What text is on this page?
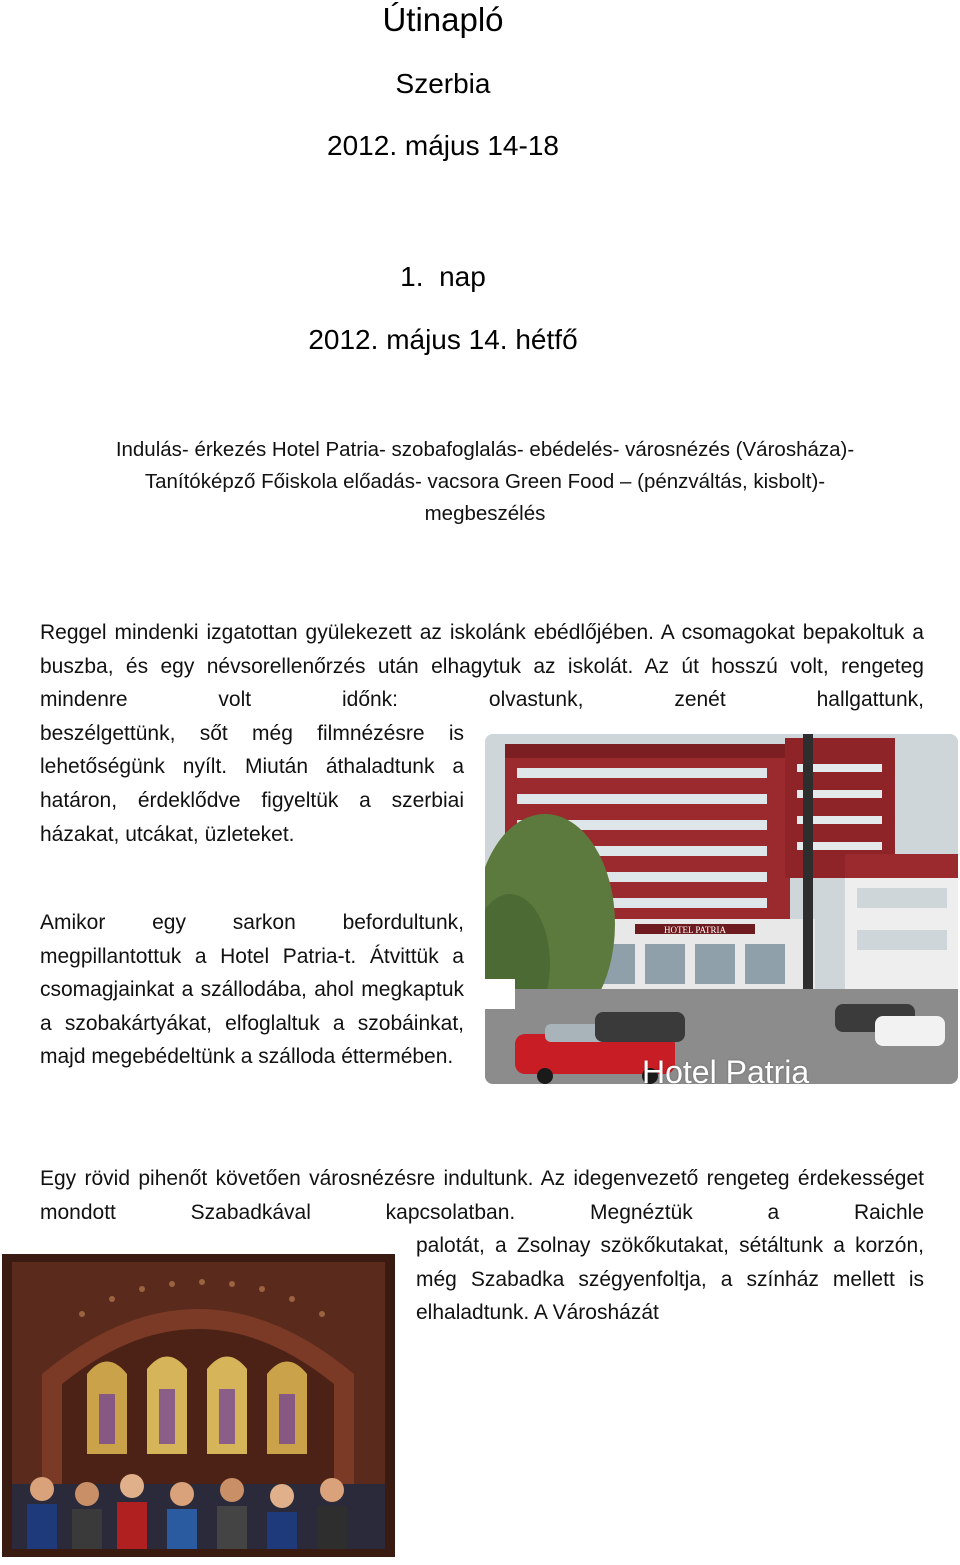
Útinapló
Szerbia
2012. május 14-18
1.  nap
2012. május 14. hétfő
Indulás- érkezés Hotel Patria- szobafoglalás- ebédelés- városnézés (Városháza)-
Tanítóképző Főiskola előadás- vacsora Green Food – (pénzváltás, kisbolt)-
megbeszélés

Reggel mindenki izgatottan gyülekezett az iskolánk ebédlőjében. A csomagokat bepakoltuk a buszba, és egy névsorellenőrzés után elhagytuk az iskolát. Az út hosszú volt, rengeteg mindenre volt időnk: olvastunk, zenét hallgattunk,
beszélgettünk, sőt még filmnézésre is lehetőségünk nyílt. Miután áthaladtunk a határon, érdeklődve figyeltük a szerbiai házakat, utcákat, üzleteket.

Amikor egy sarkon befordultunk, megpillantottuk a Hotel Patria-t. Átvittük a csomagjainkat a szállodába, ahol megkaptuk a szobakártyákat, elfoglaltuk a szobáinkat, majd megebédeltünk a szálloda éttermében.

Egy rövid pihenőt követően városnézésre indultunk. Az idegenvezető rengeteg érdekességet mondott Szabadkával kapcsolatban. Megnéztük a Raichle
palotát, a Zsolnay szökőkutakat, sétáltunk a korzón, még Szabadka szégyenfoltja, a színház mellett is elhaladtunk. A Városházát

HOTEL PATRIA
Hotel Patria
